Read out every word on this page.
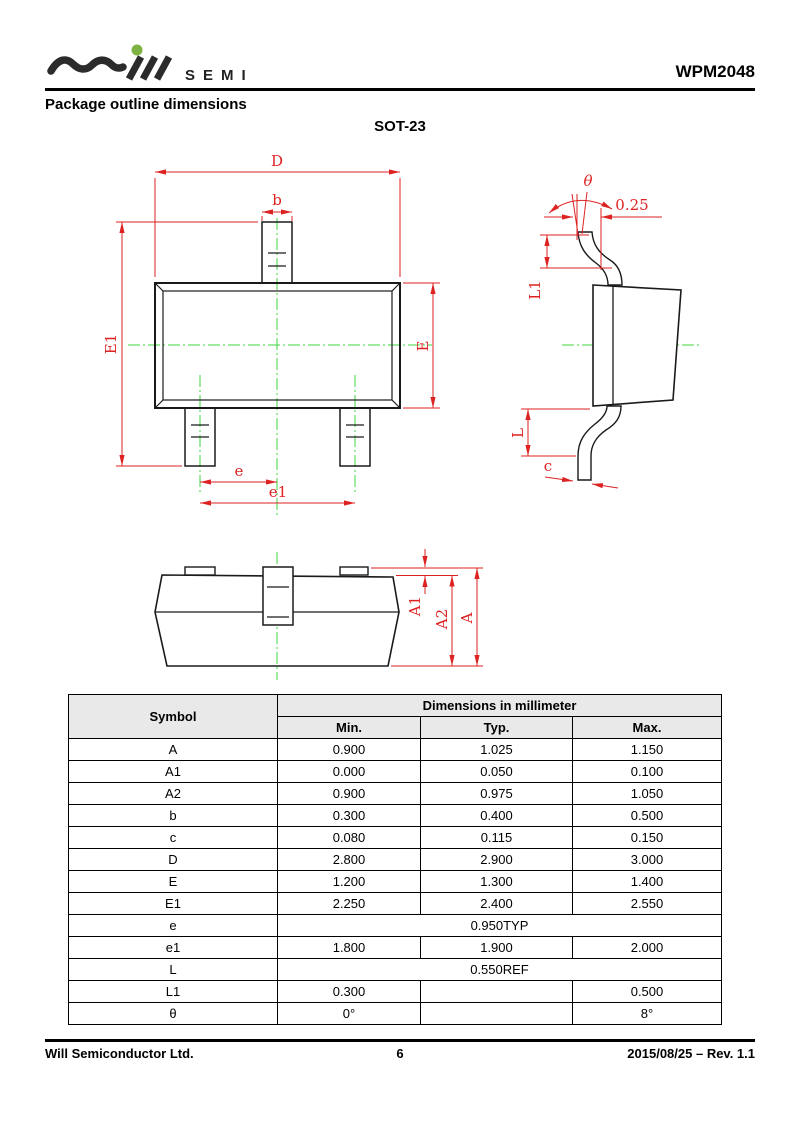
SEMI	WPM2048
Package outline dimensions
SOT-23
D
b
E1	E
e
e1
θ
0.25
L1
L
c
A1
A2 A
Symbol	Dimensions in millimeter		
	Min.	Typ.	Max.
A	0.900	1.025	1.150
A1	0.000	0.050	0.100
A2	0.900	0.975	1.050
b	0.300	0.400	0.500
c	0.080	0.115	0.150
D	2.800	2.900	3.000
E	1.200	1.300	1.400
E1	2.250	2.400	2.550
e	0.950TYP		
e1	1.800	1.900	2.000
L	0.550REF		
L1	0.300		0.500
θ	0°		8°
Will Semiconductor Ltd.	6	2015/08/25 – Rev. 1.1
